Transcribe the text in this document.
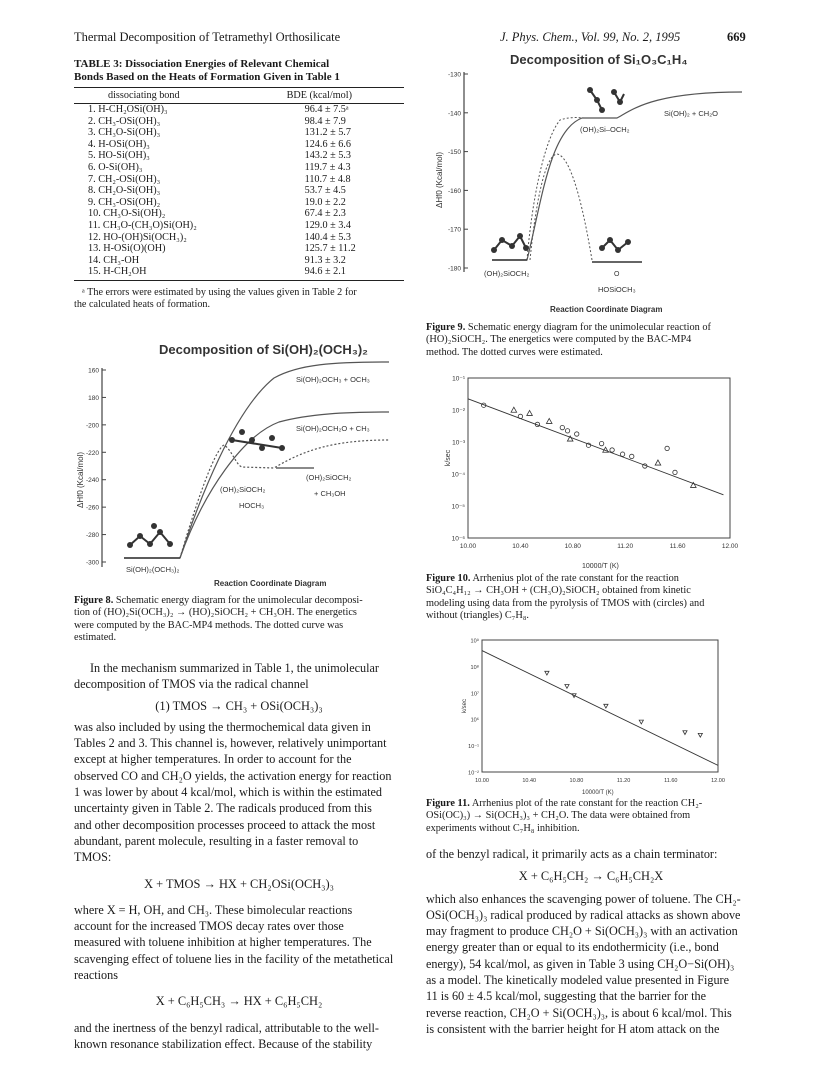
Thermal Decomposition of Tetramethyl Orthosilicate	J. Phys. Chem., Vol. 99, No. 2, 1995	669
TABLE 3: Dissociation Energies of Relevant Chemical
Bonds Based on the Heats of Formation Given in Table 1
dissociating bond	BDE (kcal/mol)
1. H-CH₂OSi(OH)₃	96.4 ± 7.5ᵃ
2. CH₃-OSi(OH)₃	98.4 ± 7.9
3. CH₃O-Si(OH)₃	131.2 ± 5.7
4. H-OSi(OH)₃	124.6 ± 6.6
5. HO-Si(OH)₃	143.2 ± 5.3
6. O-Si(OH)₃	119.7 ± 4.3
7. CH₂-OSi(OH)₃	110.7 ± 4.8
8. CH₂O-Si(OH)₃	53.7 ± 4.5
9. CH₃-OSi(OH)₂	19.0 ± 2.2
10. CH₃O-Si(OH)₂	67.4 ± 2.3
11. CH₃O-(CH₃O)Si(OH)₂	129.0 ± 3.4
12. HO-(OH)Si(OCH₃)₂	140.4 ± 5.3
13. H-OSi(O)(OH)	125.7 ± 11.2
14. CH₃-OH	91.3 ± 3.2
15. H-CH₂OH	94.6 ± 2.1
ᵃ The errors were estimated by using the values given in Table 2 for
the calculated heats of formation.
Decomposition of Si(OH)₂(OCH₃)₂
160
180
-200
-220
-240
-260
-280
-300
ΔHf0 (Kcal/mol)
Si(OH)₂OCH₃ + OCH₃
Si(OH)₂OCH₂O + CH₃
(OH)₂SiOCH₂
+ CH₃OH
(OH)₂SiOCH₂
HOCH₃
Si(OH)₂(OCH₃)₂
Reaction Coordinate Diagram
Figure 8. Schematic energy diagram for the unimolecular decomposi-
tion of (HO)₂Si(OCH₃)₂ → (HO)₂SiOCH₂ + CH₃OH. The energetics
were computed by the BAC-MP4 methods. The dotted curve was
estimated.
In the mechanism summarized in Table 1, the unimolecular
decomposition of TMOS via the radical channel
(1) TMOS → CH₃ + OSi(OCH₃)₃
was also included by using the thermochemical data given in
Tables 2 and 3. This channel is, however, relatively unimportant
except at higher temperatures. In order to account for the
observed CO and CH₂O yields, the activation energy for reaction
1 was lower by about 4 kcal/mol, which is within the estimated
uncertainty given in Table 2. The radicals produced from this
and other decomposition processes proceed to attack the most
abundant, parent molecule, resulting in a faster removal to
TMOS:
X + TMOS → HX + CH₂OSi(OCH₃)₃
where X = H, OH, and CH₃. These bimolecular reactions
account for the increased TMOS decay rates over those
measured with toluene inhibition at higher temperatures. The
scavenging effect of toluene lies in the facility of the metathetical
reactions
X + C₆H₅CH₃ → HX + C₆H₅CH₂
and the inertness of the benzyl radical, attributable to the well-
known resonance stabilization effect. Because of the stability
Decomposition of Si₁O₃C₁H₄
-130
-140
-150
-160
-170
-180
ΔHf0 (Kcal/mol)
Si(OH)₂ + CH₂O
(OH)₂Si–OCH₂
(OH)₂SiOCH₂	O
HOSiOCH₃
Reaction Coordinate Diagram
Figure 9. Schematic energy diagram for the unimolecular reaction of
(HO)₂SiOCH₂. The energetics were computed by the BAC-MP4
method. The dotted curves were estimated.
k/sec
10000/T (K)
10⁻¹
10⁻²
10⁻³
10⁻⁴
10⁻⁵
10⁻⁶
10.00	10.40	10.80	11.20	11.60	12.00
Figure 10. Arrhenius plot of the rate constant for the reaction
SiO₄C₄H₁₂ → CH₃OH + (CH₃O)₂SiOCH₂ obtained from kinetic
modeling using data from the pyrolysis of TMOS with (circles) and
without (triangles) C₇H₈.
k/sec
10000/T (K)
10⁹
10⁸
10⁷
10⁶
10⁻¹
10⁻²
10.00	10.40	10.80	11.20	11.60	12.00
Figure 11. Arrhenius plot of the rate constant for the reaction CH₂-
OSi(OC)₃) → Si(OCH₃)₃ + CH₂O. The data were obtained from
experiments without C₇H₈ inhibition.
of the benzyl radical, it primarily acts as a chain terminator:
X + C₆H₅CH₂ → C₆H₅CH₂X
which also enhances the scavenging power of toluene. The CH₂-
OSi(OCH₃)₃ radical produced by radical attacks as shown above
may fragment to produce CH₂O + Si(OCH₃)₃ with an activation
energy greater than or equal to its endothermicity (i.e., bond
energy), 54 kcal/mol, as given in Table 3 using CH₂O−Si(OH)₃
as a model. The kinetically modeled value presented in Figure
11 is 60 ± 4.5 kcal/mol, suggesting that the barrier for the
reverse reaction, CH₂O + Si(OCH₃)₃, is about 6 kcal/mol. This
is consistent with the barrier height for H atom attack on the
